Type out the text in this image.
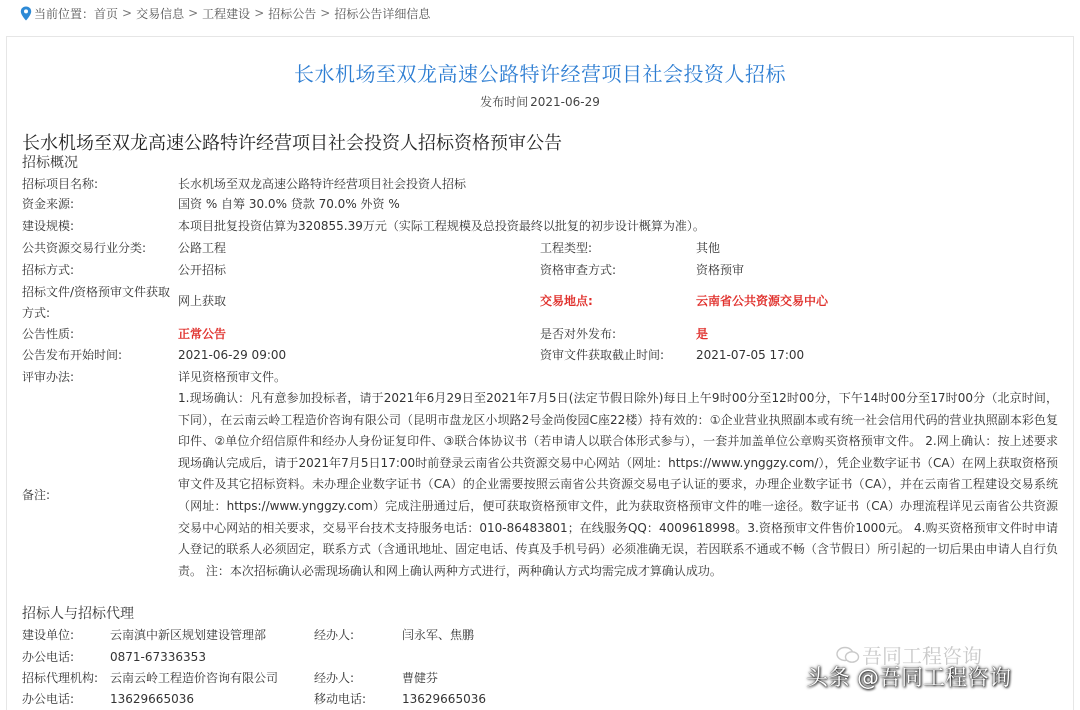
当前位置： 首页 > 交易信息 > 工程建设 > 招标公告 > 招标公告详细信息
长水机场至双龙高速公路特许经营项目社会投资人招标
发布时间 2021-06-29
长水机场至双龙高速公路特许经营项目社会投资人招标资格预审公告
招标概况
招标项目名称:	长水机场至双龙高速公路特许经营项目社会投资人招标
资金来源:	国资 % 自筹 30.0% 贷款 70.0% 外资 %
建设规模:	本项目批复投资估算为320855.39万元（实际工程规模及总投资最终以批复的初步设计概算为准）。
公共资源交易行业分类:	公路工程	工程类型:	其他
招标方式:	公开招标	资格审查方式:	资格预审
招标文件/资格预审文件获取
方式:
网上获取	交易地点:	云南省公共资源交易中心
公告性质:	正常公告	是否对外发布:	是
公告发布开始时间:	2021-06-29 09:00	资审文件获取截止时间:	2021-07-05 17:00
评审办法:	详见资格预审文件。
备注:
1.现场确认：凡有意参加投标者，请于2021年6月29日至2021年7月5日(法定节假日除外)每日上午9时00分至12时00分，下午14时00分至17时00分（北京时间，下同），在云南云岭工程造价咨询有限公司（昆明市盘龙区小坝路2号金尚俊园C座22楼）持有效的：①企业营业执照副本或有统一社会信用代码的营业执照副本彩色复印件、②单位介绍信原件和经办人身份证复印件、③联合体协议书（若申请人以联合体形式参与），一套并加盖单位公章购买资格预审文件。 2.网上确认：按上述要求现场确认完成后，请于2021年7月5日17:00时前登录云南省公共资源交易中心网站（网址：https://www.ynggzy.com/），凭企业数字证书（CA）在网上获取资格预审文件及其它招标资料。未办理企业数字证书（CA）的企业需要按照云南省公共资源交易电子认证的要求，办理企业数字证书（CA），并在云南省工程建设交易系统（网址：https://www.ynggzy.com）完成注册通过后，便可获取资格预审文件，此为获取资格预审文件的唯一途径。数字证书（CA）办理流程详见云南省公共资源交易中心网站的相关要求，交易平台技术支持服务电话：010-86483801；在线服务QQ：4009618998。3.资格预审文件售价1000元。 4.购买资格预审文件时申请人登记的联系人必须固定，联系方式（含通讯地址、固定电话、传真及手机号码）必须准确无误，若因联系不通或不畅（含节假日）所引起的一切后果由申请人自行负责。 注：本次招标确认必需现场确认和网上确认两种方式进行，两种确认方式均需完成才算确认成功。
招标人与招标代理
建设单位:	云南滇中新区规划建设管理部	经办人:	闫永军、焦鹏
办公电话:	0871-67336353
招标代理机构: 云南云岭工程造价咨询有限公司	经办人:	曹健芬
办公电话:	13629665036	移动电话:	13629665036
吾同工程咨询
头条 @吾同工程咨询
